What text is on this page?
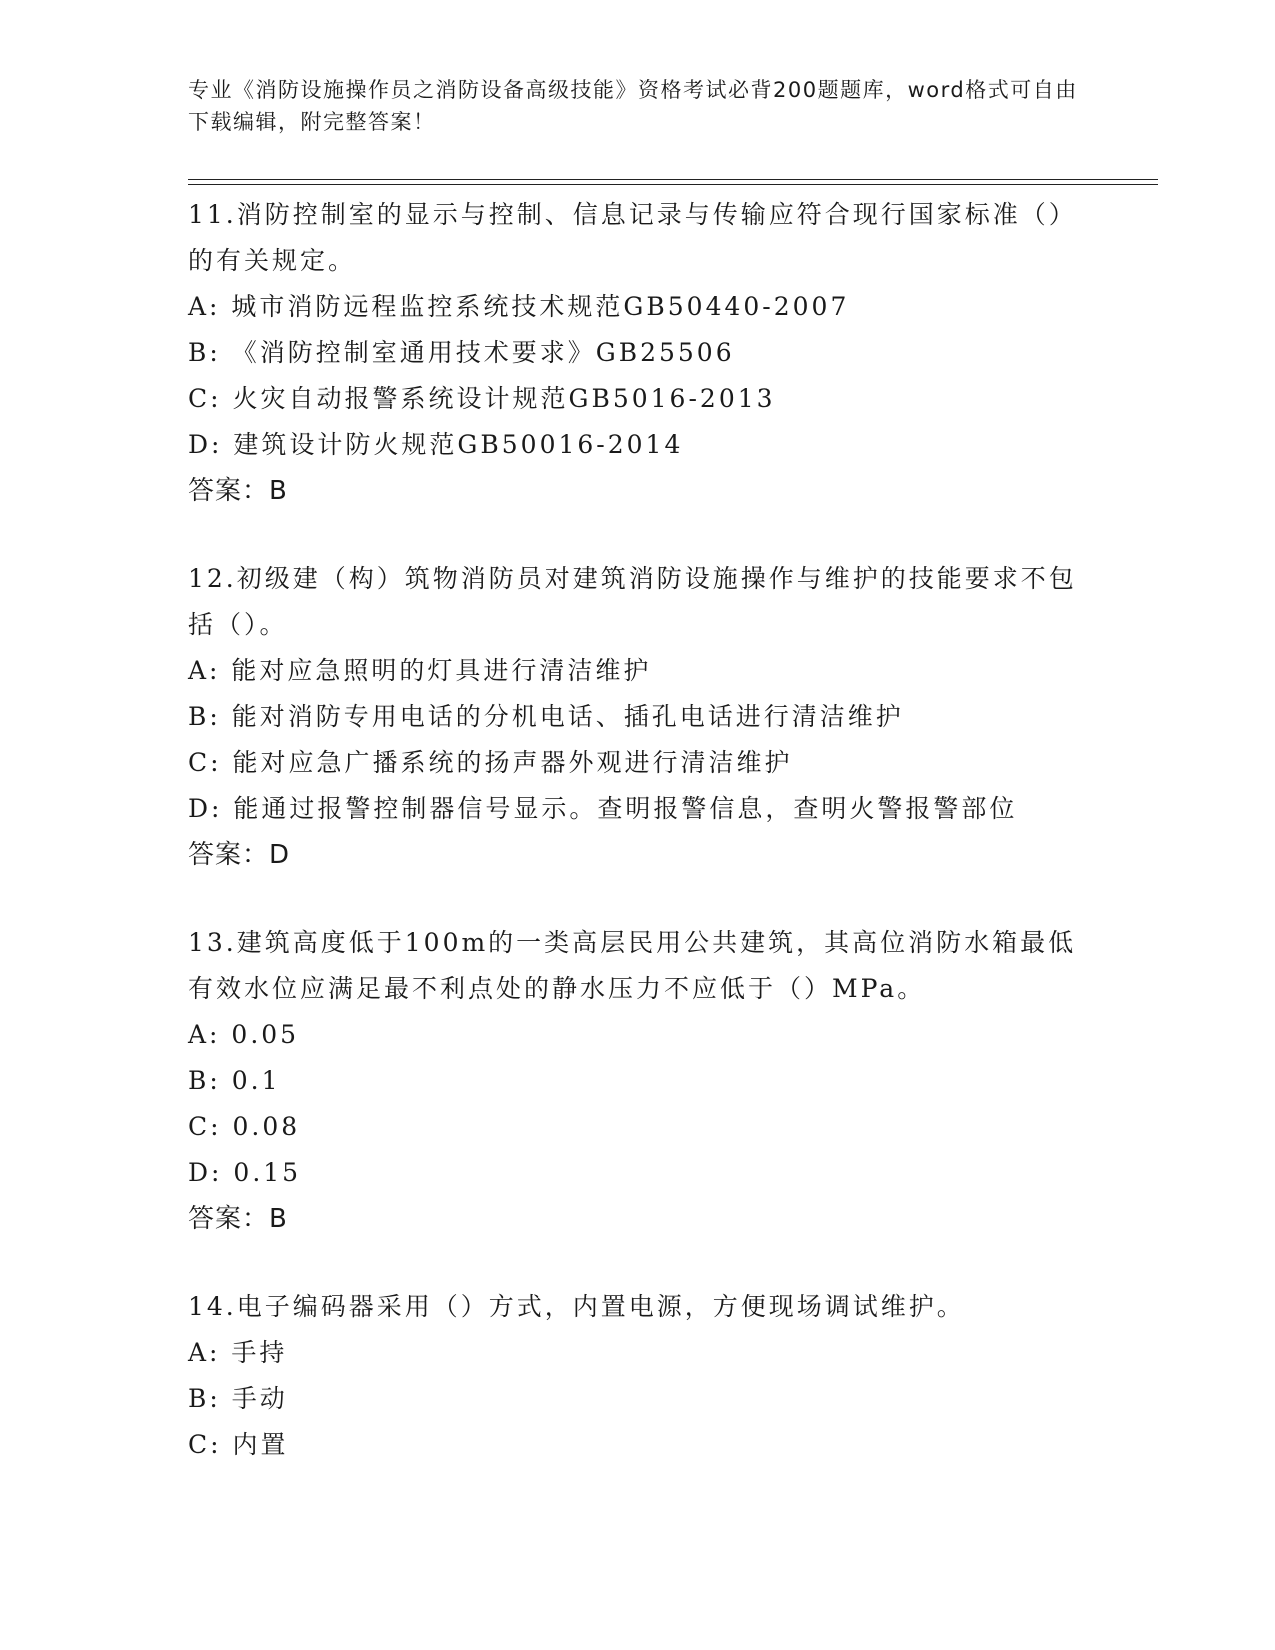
专业《消防设施操作员之消防设备高级技能》资格考试必背200题题库，word格式可自由下载编辑，附完整答案！
11.消防控制室的显示与控制、信息记录与传输应符合现行国家标准（）的有关规定。
A: 城市消防远程监控系统技术规范GB50440-2007
B: 《消防控制室通用技术要求》GB25506
C: 火灾自动报警系统设计规范GB5016-2013
D: 建筑设计防火规范GB50016-2014
答案：B
12.初级建（构）筑物消防员对建筑消防设施操作与维护的技能要求不包括（）。
A: 能对应急照明的灯具进行清洁维护
B: 能对消防专用电话的分机电话、插孔电话进行清洁维护
C: 能对应急广播系统的扬声器外观进行清洁维护
D: 能通过报警控制器信号显示。查明报警信息，查明火警报警部位
答案：D
13.建筑高度低于100m的一类高层民用公共建筑，其高位消防水箱最低有效水位应满足最不利点处的静水压力不应低于（）MPa。
A: 0.05
B: 0.1
C: 0.08
D: 0.15
答案：B
14.电子编码器采用（）方式，内置电源，方便现场调试维护。
A: 手持
B: 手动
C: 内置
